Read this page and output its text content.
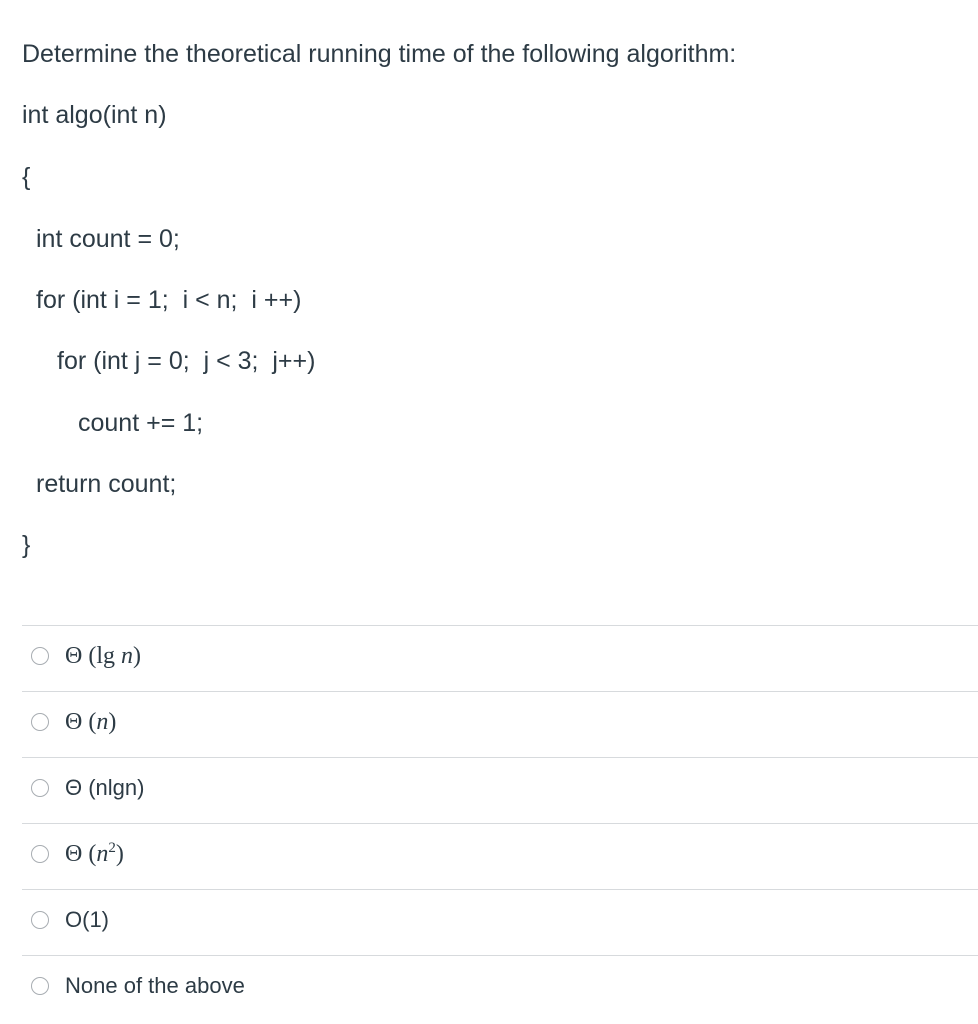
Determine the theoretical running time of the following algorithm:
int algo(int n)
{
int count = 0;
for (int i = 1;  i < n;  i ++)
for (int j = 0;  j < 3;  j++)
count += 1;
return count;
}
Θ (lg n)
Θ (n)
Θ (nlgn)
Θ $(n^2)$
O(1)
None of the above
